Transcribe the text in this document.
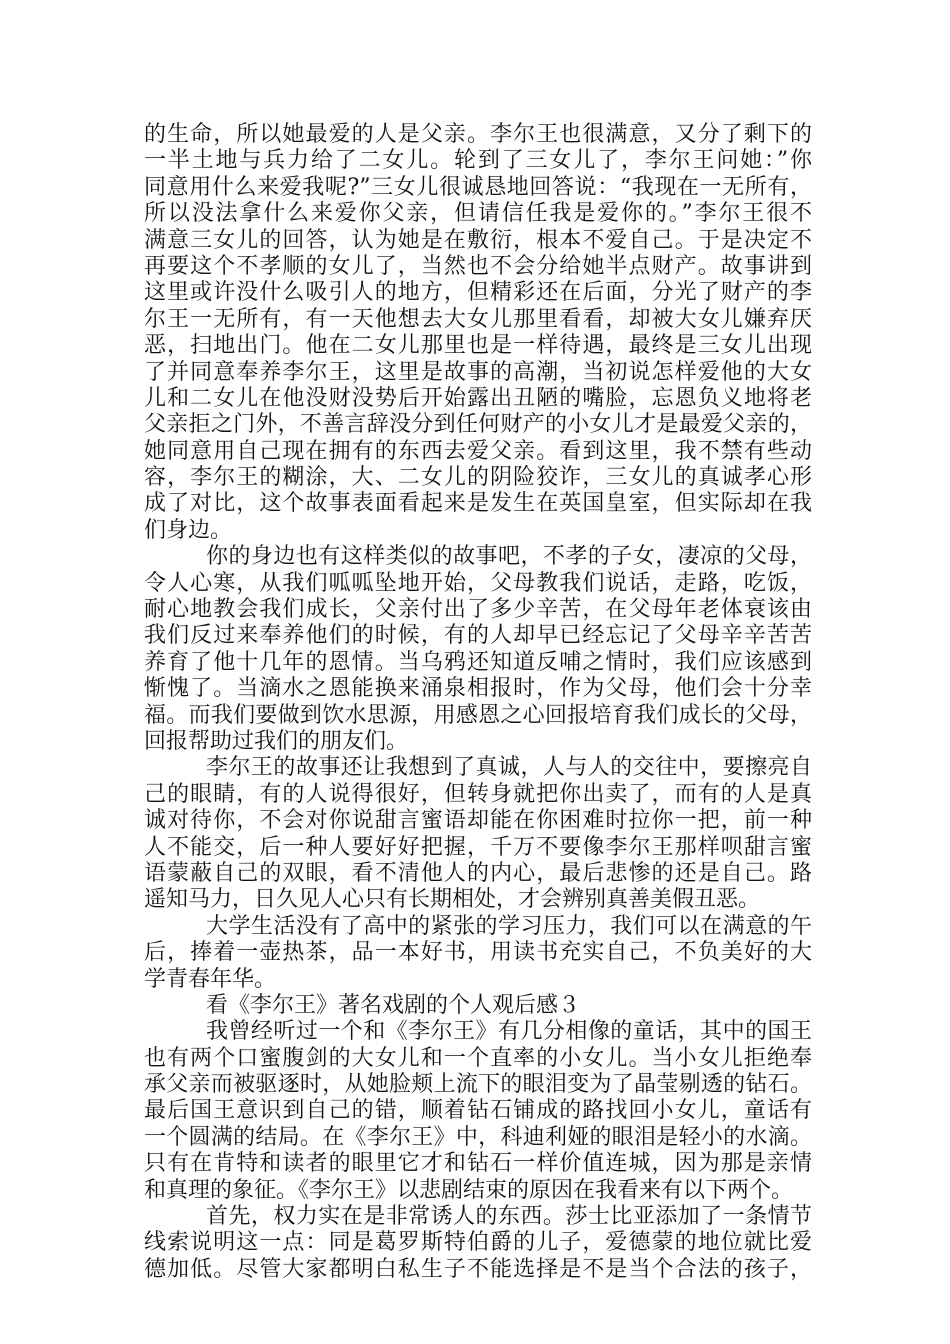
的生命，所以她最爱的人是父亲。李尔王也很满意，又分了剩下的
一半土地与兵力给了二女儿。轮到了三女儿了，李尔王问她：”你
同意用什么来爱我呢?”三女儿很诚恳地回答说：“我现在一无所有，
所以没法拿什么来爱你父亲，但请信任我是爱你的。”李尔王很不
满意三女儿的回答，认为她是在敷衍，根本不爱自己。于是决定不
再要这个不孝顺的女儿了，当然也不会分给她半点财产。故事讲到
这里或许没什么吸引人的地方，但精彩还在后面，分光了财产的李
尔王一无所有，有一天他想去大女儿那里看看，却被大女儿嫌弃厌
恶，扫地出门。他在二女儿那里也是一样待遇，最终是三女儿出现
了并同意奉养李尔王，这里是故事的高潮，当初说怎样爱他的大女
儿和二女儿在他没财没势后开始露出丑陋的嘴脸，忘恩负义地将老
父亲拒之门外，不善言辞没分到任何财产的小女儿才是最爱父亲的，
她同意用自己现在拥有的东西去爱父亲。看到这里，我不禁有些动
容，李尔王的糊涂，大、二女儿的阴险狡诈，三女儿的真诚孝心形
成了对比，这个故事表面看起来是发生在英国皇室，但实际却在我
们身边。
你的身边也有这样类似的故事吧，不孝的子女，凄凉的父母，
令人心寒，从我们呱呱坠地开始，父母教我们说话，走路，吃饭，
耐心地教会我们成长，父亲付出了多少辛苦，在父母年老体衰该由
我们反过来奉养他们的时候，有的人却早已经忘记了父母辛辛苦苦
养育了他十几年的恩情。当乌鸦还知道反哺之情时，我们应该感到
惭愧了。当滴水之恩能换来涌泉相报时，作为父母，他们会十分幸
福。而我们要做到饮水思源，用感恩之心回报培育我们成长的父母，
回报帮助过我们的朋友们。
李尔王的故事还让我想到了真诚，人与人的交往中，要擦亮自
己的眼睛，有的人说得很好，但转身就把你出卖了，而有的人是真
诚对待你，不会对你说甜言蜜语却能在你困难时拉你一把，前一种
人不能交，后一种人要好好把握，千万不要像李尔王那样呗甜言蜜
语蒙蔽自己的双眼，看不清他人的内心，最后悲惨的还是自己。路
遥知马力，日久见人心只有长期相处，才会辨别真善美假丑恶。
大学生活没有了高中的紧张的学习压力，我们可以在满意的午
后，捧着一壶热茶，品一本好书，用读书充实自己，不负美好的大
学青春年华。
看《李尔王》著名戏剧的个人观后感３
我曾经听过一个和《李尔王》有几分相像的童话，其中的国王
也有两个口蜜腹剑的大女儿和一个直率的小女儿。当小女儿拒绝奉
承父亲而被驱逐时，从她脸颊上流下的眼泪变为了晶莹剔透的钻石。
最后国王意识到自己的错，顺着钻石铺成的路找回小女儿，童话有
一个圆满的结局。在《李尔王》中，科迪利娅的眼泪是轻小的水滴。
只有在肯特和读者的眼里它才和钻石一样价值连城，因为那是亲情
和真理的象征。《李尔王》以悲剧结束的原因在我看来有以下两个。
首先，权力实在是非常诱人的东西。莎士比亚添加了一条情节
线索说明这一点：同是葛罗斯特伯爵的儿子，爱德蒙的地位就比爱
德加低。尽管大家都明白私生子不能选择是不是当个合法的孩子，
